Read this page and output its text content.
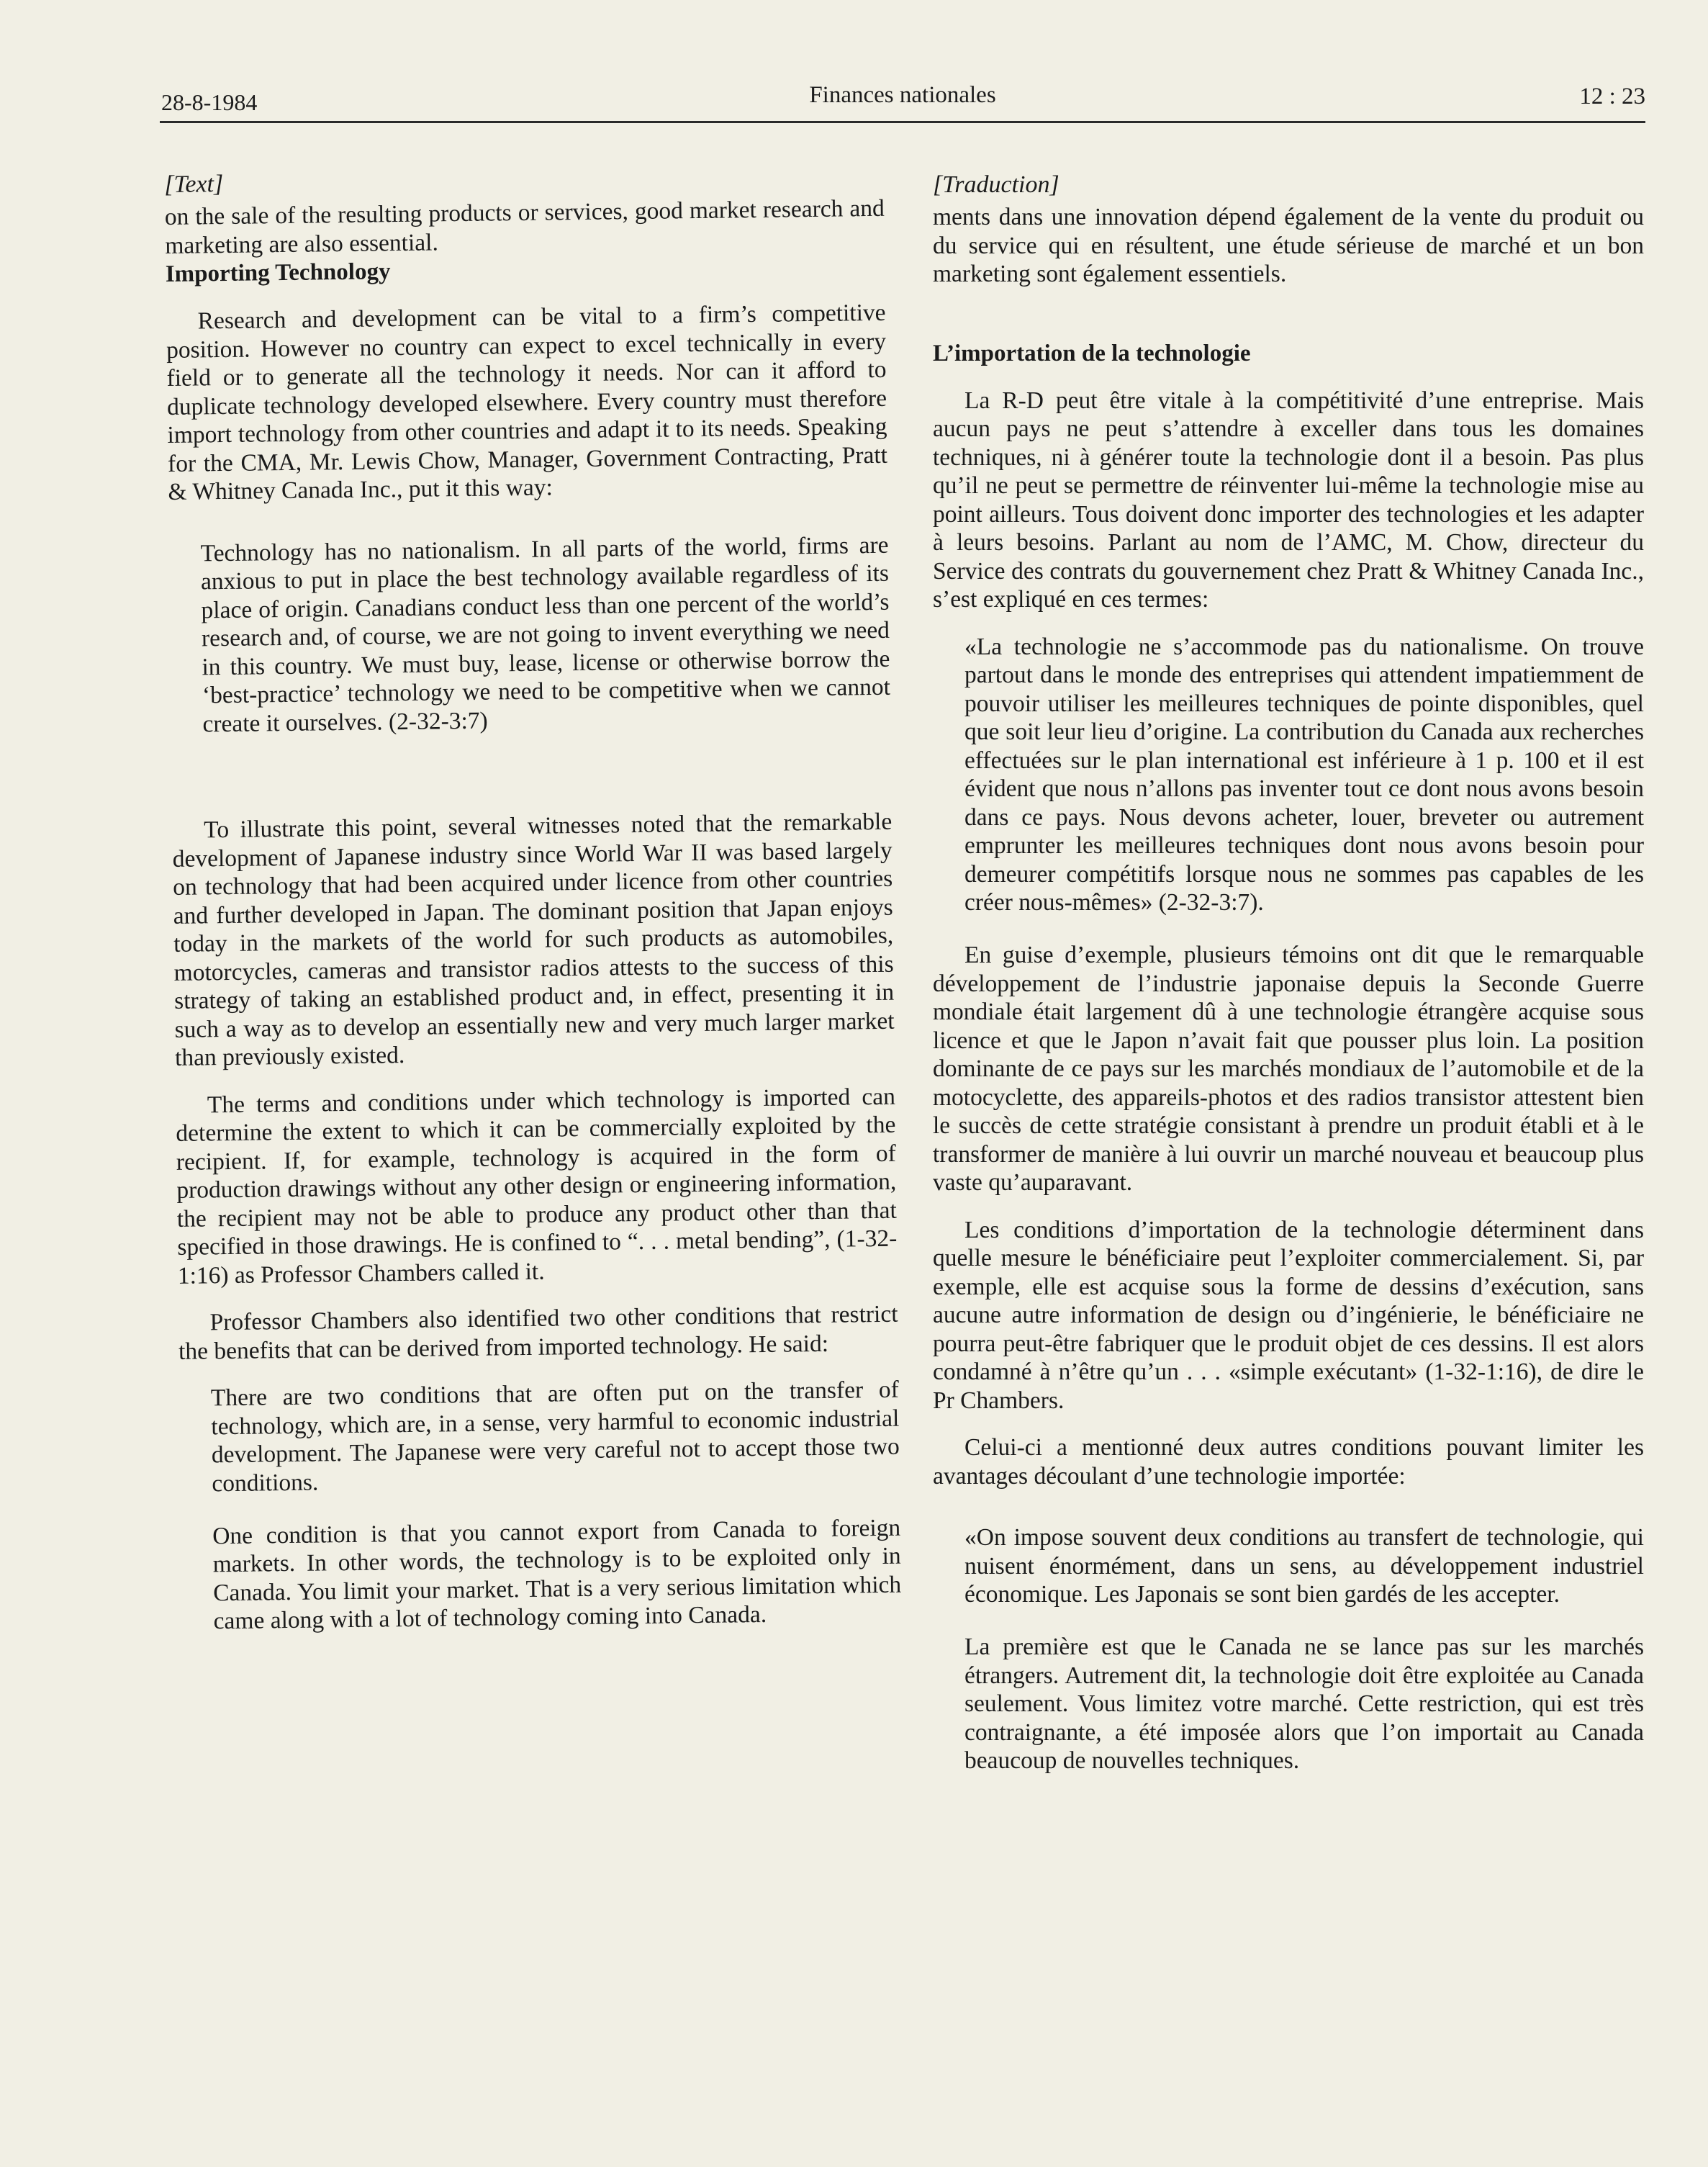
28-8-1984	Finances nationales	12 : 23
[Text]

on the sale of the resulting products or services, good market research and marketing are also essential.

Importing Technology

Research and development can be vital to a firm’s competitive position. However no country can expect to excel technically in every field or to generate all the technology it needs. Nor can it afford to duplicate technology developed elsewhere. Every country must therefore import technology from other countries and adapt it to its needs. Speaking for the CMA, Mr. Lewis Chow, Manager, Government Contracting, Pratt & Whitney Canada Inc., put it this way:

Technology has no nationalism. In all parts of the world, firms are anxious to put in place the best technology available regardless of its place of origin. Canadians conduct less than one percent of the world’s research and, of course, we are not going to invent everything we need in this country. We must buy, lease, license or otherwise borrow the ‘best-practice’ technology we need to be competitive when we cannot create it ourselves. (2-32-3:7)

To illustrate this point, several witnesses noted that the remarkable development of Japanese industry since World War II was based largely on technology that had been acquired under licence from other countries and further developed in Japan. The dominant position that Japan enjoys today in the markets of the world for such products as automobiles, motorcycles, cameras and transistor radios attests to the success of this strategy of taking an established product and, in effect, presenting it in such a way as to develop an essentially new and very much larger market than previously existed.

The terms and conditions under which technology is imported can determine the extent to which it can be commercially exploited by the recipient. If, for example, technology is acquired in the form of production drawings without any other design or engineering information, the recipient may not be able to produce any product other than that specified in those drawings. He is confined to “. . . metal bending”, (1-32-1:16) as Professor Chambers called it.

Professor Chambers also identified two other conditions that restrict the benefits that can be derived from imported technology. He said:

There are two conditions that are often put on the transfer of technology, which are, in a sense, very harmful to economic industrial development. The Japanese were very careful not to accept those two conditions.

One condition is that you cannot export from Canada to foreign markets. In other words, the technology is to be exploited only in Canada. You limit your market. That is a very serious limitation which came along with a lot of technology coming into Canada.

[Traduction]

ments dans une innovation dépend également de la vente du produit ou du service qui en résultent, une étude sérieuse de marché et un bon marketing sont également essentiels.

L’importation de la technologie

La R-D peut être vitale à la compétitivité d’une entreprise. Mais aucun pays ne peut s’attendre à exceller dans tous les domaines techniques, ni à générer toute la technologie dont il a besoin. Pas plus qu’il ne peut se permettre de réinventer lui-même la technologie mise au point ailleurs. Tous doivent donc importer des technologies et les adapter à leurs besoins. Parlant au nom de l’AMC, M. Chow, directeur du Service des contrats du gouvernement chez Pratt & Whitney Canada Inc., s’est expliqué en ces termes:

«La technologie ne s’accommode pas du nationalisme. On trouve partout dans le monde des entreprises qui attendent impatiemment de pouvoir utiliser les meilleures techniques de pointe disponibles, quel que soit leur lieu d’origine. La contribution du Canada aux recherches effectuées sur le plan international est inférieure à 1 p. 100 et il est évident que nous n’allons pas inventer tout ce dont nous avons besoin dans ce pays. Nous devons acheter, louer, breveter ou autrement emprunter les meilleures techniques dont nous avons besoin pour demeurer compétitifs lorsque nous ne sommes pas capables de les créer nous-mêmes» (2-32-3:7).

En guise d’exemple, plusieurs témoins ont dit que le remarquable développement de l’industrie japonaise depuis la Seconde Guerre mondiale était largement dû à une technologie étrangère acquise sous licence et que le Japon n’avait fait que pousser plus loin. La position dominante de ce pays sur les marchés mondiaux de l’automobile et de la motocyclette, des appareils-photos et des radios transistor attestent bien le succès de cette stratégie consistant à prendre un produit établi et à le transformer de manière à lui ouvrir un marché nouveau et beaucoup plus vaste qu’auparavant.

Les conditions d’importation de la technologie déterminent dans quelle mesure le bénéficiaire peut l’exploiter commercialement. Si, par exemple, elle est acquise sous la forme de dessins d’exécution, sans aucune autre information de design ou d’ingénierie, le bénéficiaire ne pourra peut-être fabriquer que le produit objet de ces dessins. Il est alors condamné à n’être qu’un . . . «simple exécutant» (1-32-1:16), de dire le Pr Chambers.

Celui-ci a mentionné deux autres conditions pouvant limiter les avantages découlant d’une technologie importée:

«On impose souvent deux conditions au transfert de technologie, qui nuisent énormément, dans un sens, au développement industriel économique. Les Japonais se sont bien gardés de les accepter.

La première est que le Canada ne se lance pas sur les marchés étrangers. Autrement dit, la technologie doit être exploitée au Canada seulement. Vous limitez votre marché. Cette restriction, qui est très contraignante, a été imposée alors que l’on importait au Canada beaucoup de nouvelles techniques.
